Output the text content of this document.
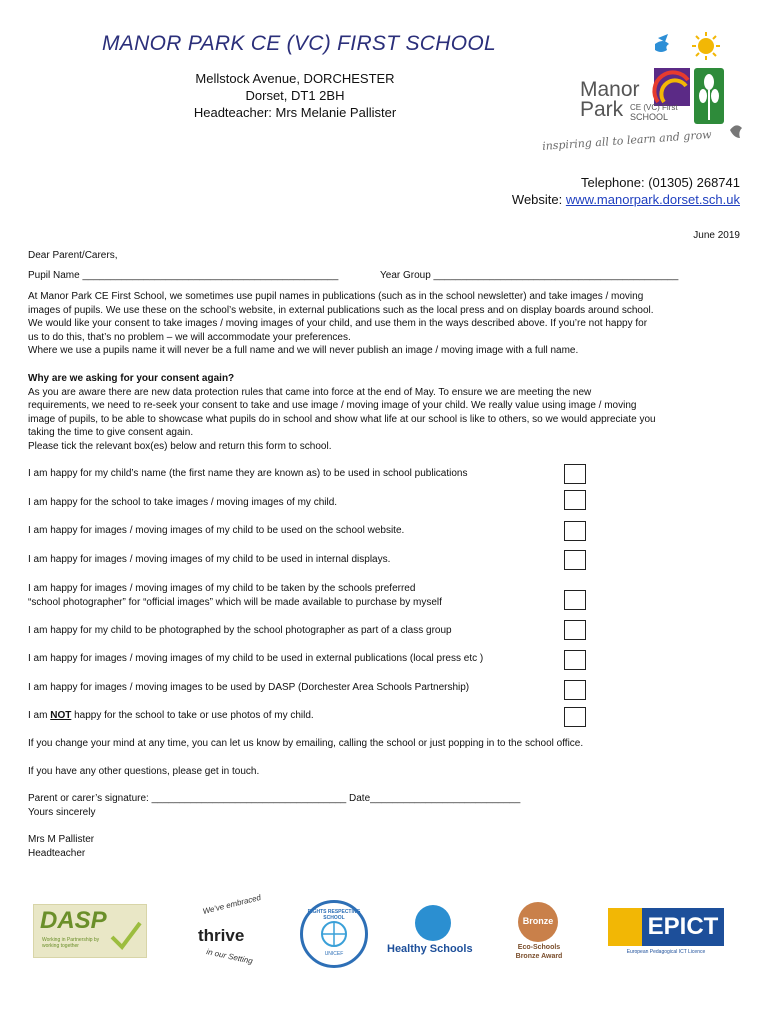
MANOR PARK CE (VC) FIRST SCHOOL
Mellstock Avenue, DORCHESTER
Dorset, DT1 2BH
Headteacher: Mrs Melanie Pallister
Manor
Park CE (VC) First
SCHOOL
inspiring all to learn and grow
Telephone: (01305) 268741
Website: www.manorpark.dorset.sch.uk
June 2019
Dear Parent/Carers,
Pupil Name ______________________________________________	Year Group ____________________________________________
At Manor Park CE First School, we sometimes use pupil names in publications (such as in the school newsletter) and take images / moving
images of pupils. We use these on the school’s website, in external publications such as the local press and on display boards around school.
We would like your consent to take images / moving images of your child, and use them in the ways described above. If you’re not happy for
us to do this, that’s no problem – we will accommodate your preferences.
Where we use a pupils name it will never be a full name and we will never publish an image / moving image with a full name.
Why are we asking for your consent again?
As you are aware there are new data protection rules that came into force at the end of May. To ensure we are meeting the new
requirements, we need to re-seek your consent to take and use image / moving image of your child. We really value using image / moving
image of pupils, to be able to showcase what pupils do in school and show what life at our school is like to others, so we would appreciate you
taking the time to give consent again.
Please tick the relevant box(es) below and return this form to school.
I am happy for my child’s name (the first name they are known as) to be used in school publications
I am happy for the school to take images / moving images of my child.
I am happy for images / moving images of my child to be used on the school website.
I am happy for images / moving images of my child to be used in internal displays.
I am happy for images / moving images of my child to be taken by the schools preferred
“school photographer” for “official images” which will be made available to purchase by myself
I am happy for my child to be photographed by the school photographer as part of a class group
I am happy for images / moving images of my child to be used in external publications (local press etc )
I am happy for images / moving images to be used by DASP (Dorchester Area Schools Partnership)
I am NOT happy for the school to take or use photos of my child.
If you change your mind at any time, you can let us know by emailing, calling the school or just popping in to the school office.
If you have any other questions, please get in touch.
Parent or carer’s signature: ___________________________________ Date___________________________
Yours sincerely
Mrs M Pallister
Headteacher
DASP
Working in Partnership by working together
We've embraced
thrive
in our Setting
RIGHTS RESPECTING SCHOOL
UNICEF	Healthy Schools
Bronze
Eco-Schools
Bronze Award
EPICT
European Pedagogical ICT Licence
